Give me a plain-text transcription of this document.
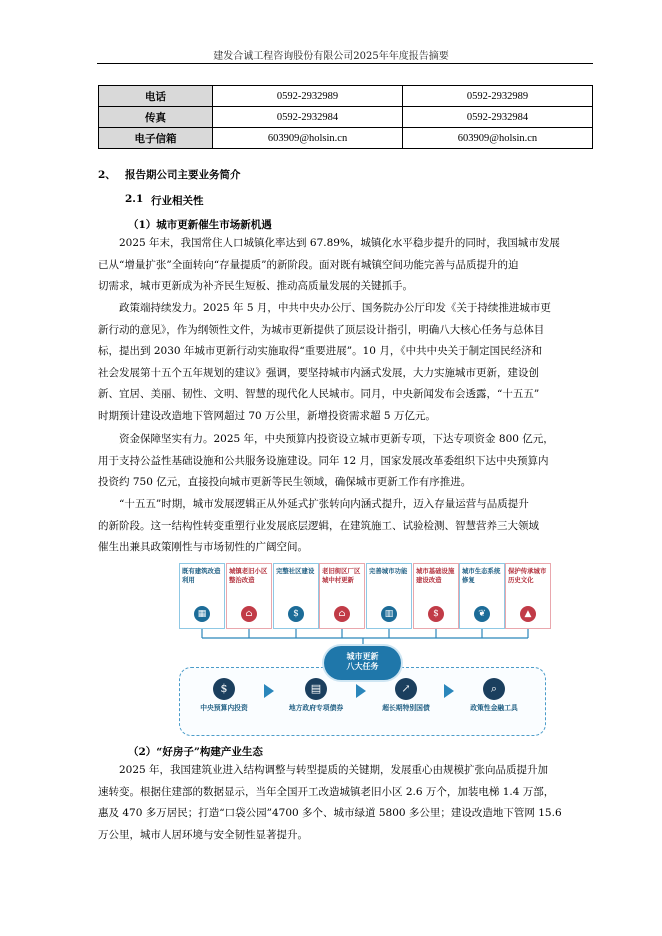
建发合诚工程咨询股份有限公司2025年年度报告摘要
电话	0592-2932989	0592-2932989
传真	0592-2932984	0592-2932984
电子信箱	603909@holsin.cn	603909@holsin.cn
2、 报告期公司主要业务简介
2.1 行业相关性
（1）城市更新催生市场新机遇
2025 年末，我国常住人口城镇化率达到 67.89%，城镇化水平稳步提升的同时，我国城市发展
已从“增量扩张”全面转向“存量提质”的新阶段。面对既有城镇空间功能完善与品质提升的迫
切需求，城市更新成为补齐民生短板、推动高质量发展的关键抓手。
政策端持续发力。2025 年 5 月，中共中央办公厅、国务院办公厅印发《关于持续推进城市更
新行动的意见》，作为纲领性文件，为城市更新提供了顶层设计指引，明确八大核心任务与总体目
标，提出到 2030 年城市更新行动实施取得“重要进展”。10 月，《中共中央关于制定国民经济和
社会发展第十五个五年规划的建议》强调，要坚持城市内涵式发展，大力实施城市更新，建设创
新、宜居、美丽、韧性、文明、智慧的现代化人民城市。同月，中央新闻发布会透露，“十五五”
时期预计建设改造地下管网超过 70 万公里，新增投资需求超 5 万亿元。
资金保障坚实有力。2025 年，中央预算内投资设立城市更新专项，下达专项资金 800 亿元，
用于支持公益性基础设施和公共服务设施建设。同年 12 月，国家发展改革委组织下达中央预算内
投资约 750 亿元，直接投向城市更新等民生领域，确保城市更新工作有序推进。
“十五五”时期，城市发展逻辑正从外延式扩张转向内涵式提升，迈入存量运营与品质提升
的新阶段。这一结构性转变重塑行业发展底层逻辑，在建筑施工、试验检测、智慧营养三大领域
催生出兼具政策刚性与市场韧性的广阔空间。
既有建筑改造利用
▦
城镇老旧小区整治改造
⌂
完整社区建设
$
老旧街区厂区城中村更新
⌂
完善城市功能
▥
城市基础设施建设改造
$
城市生态系统修复
❦
保护传承城市历史文化
▲
城市更新
八大任务
$
中央预算内投资
▤
地方政府专项债券
↗
超长期特别国债
⌕
政策性金融工具
（2）“好房子”构建产业生态
2025 年，我国建筑业进入结构调整与转型提质的关键期，发展重心由规模扩张向品质提升加
速转变。根据住建部的数据显示，当年全国开工改造城镇老旧小区 2.6 万个，加装电梯 1.4 万部，
惠及 470 多万居民；打造“口袋公园”4700 多个、城市绿道 5800 多公里；建设改造地下管网 15.6
万公里，城市人居环境与安全韧性显著提升。
